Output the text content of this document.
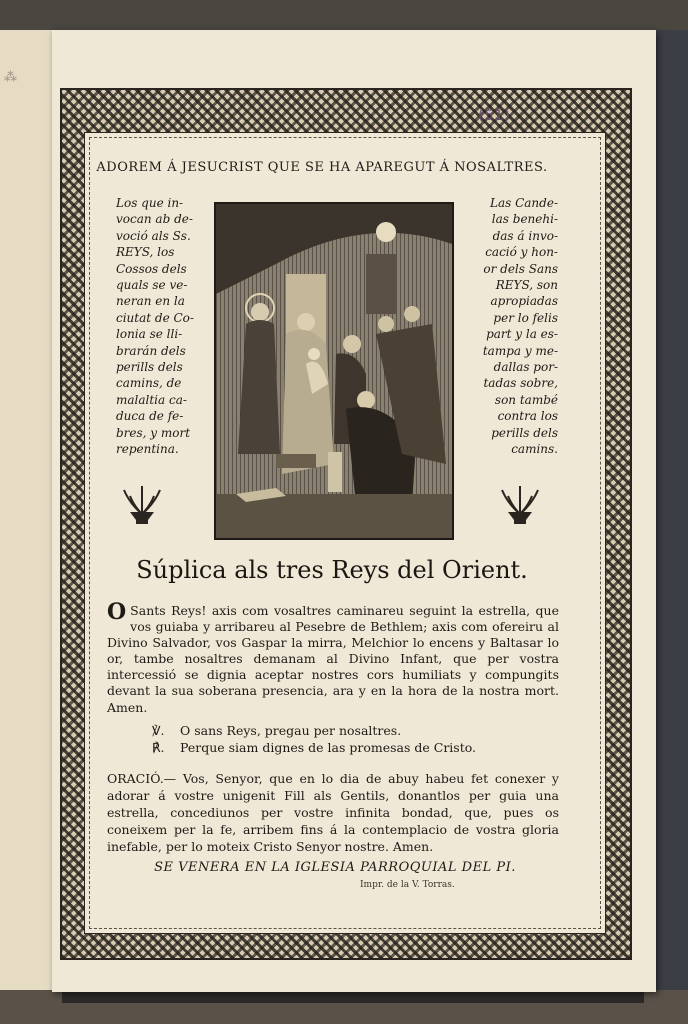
⁂
(51)
ADOREM Á JESUCRIST QUE SE HA APAREGUT Á NOSALTRES.
Los que in-
vocan ab de-
voció als Ss.
REYS, los
Cossos dels
quals se ve-
neran en la
ciutat de Co-
lonia se lli-
brarán dels
perills dels
camins, de
malaltia ca-
duca de fe-
bres, y mort
repentina.
Las Cande-
las benehi-
das á invo-
cació y hon-
or dels Sans
REYS, son
apropiadas
per lo felis
part y la es-
tampa y me-
dallas por-
tadas sobre,
son també
contra los
perills dels
camins.
Súplica als tres Reys del Orient.
O Sants Reys! axis com vosaltres caminareu seguint la estrella, que vos guiaba y arribareu al Pesebre de Bethlem; axis com ofereiru al Divino Salvador, vos Gaspar la mirra, Melchior lo encens y Baltasar lo or, tambe nosaltres demanam al Divino Infant, que per vostra intercessió se dignia aceptar nostres cors humiliats y compungits devant la sua soberana presencia, ara y en la hora de la nostra mort. Amen.
℣. O sans Reys, pregau per nosaltres.
℟. Perque siam dignes de las promesas de Cristo.
ORACIÓ.— Vos, Senyor, que en lo dia de abuy habeu fet conexer y adorar á vostre unigenit Fill als Gentils, donantlos per guia una estrella, concediunos per vostre infinita bondad, que, pues os coneixem per la fe, arribem fins á la contemplacio de vostra gloria inefable, per lo moteix Cristo Senyor nostre. Amen.
SE VENERA EN LA IGLESIA PARROQUIAL DEL PI.
Impr. de la V. Torras.
